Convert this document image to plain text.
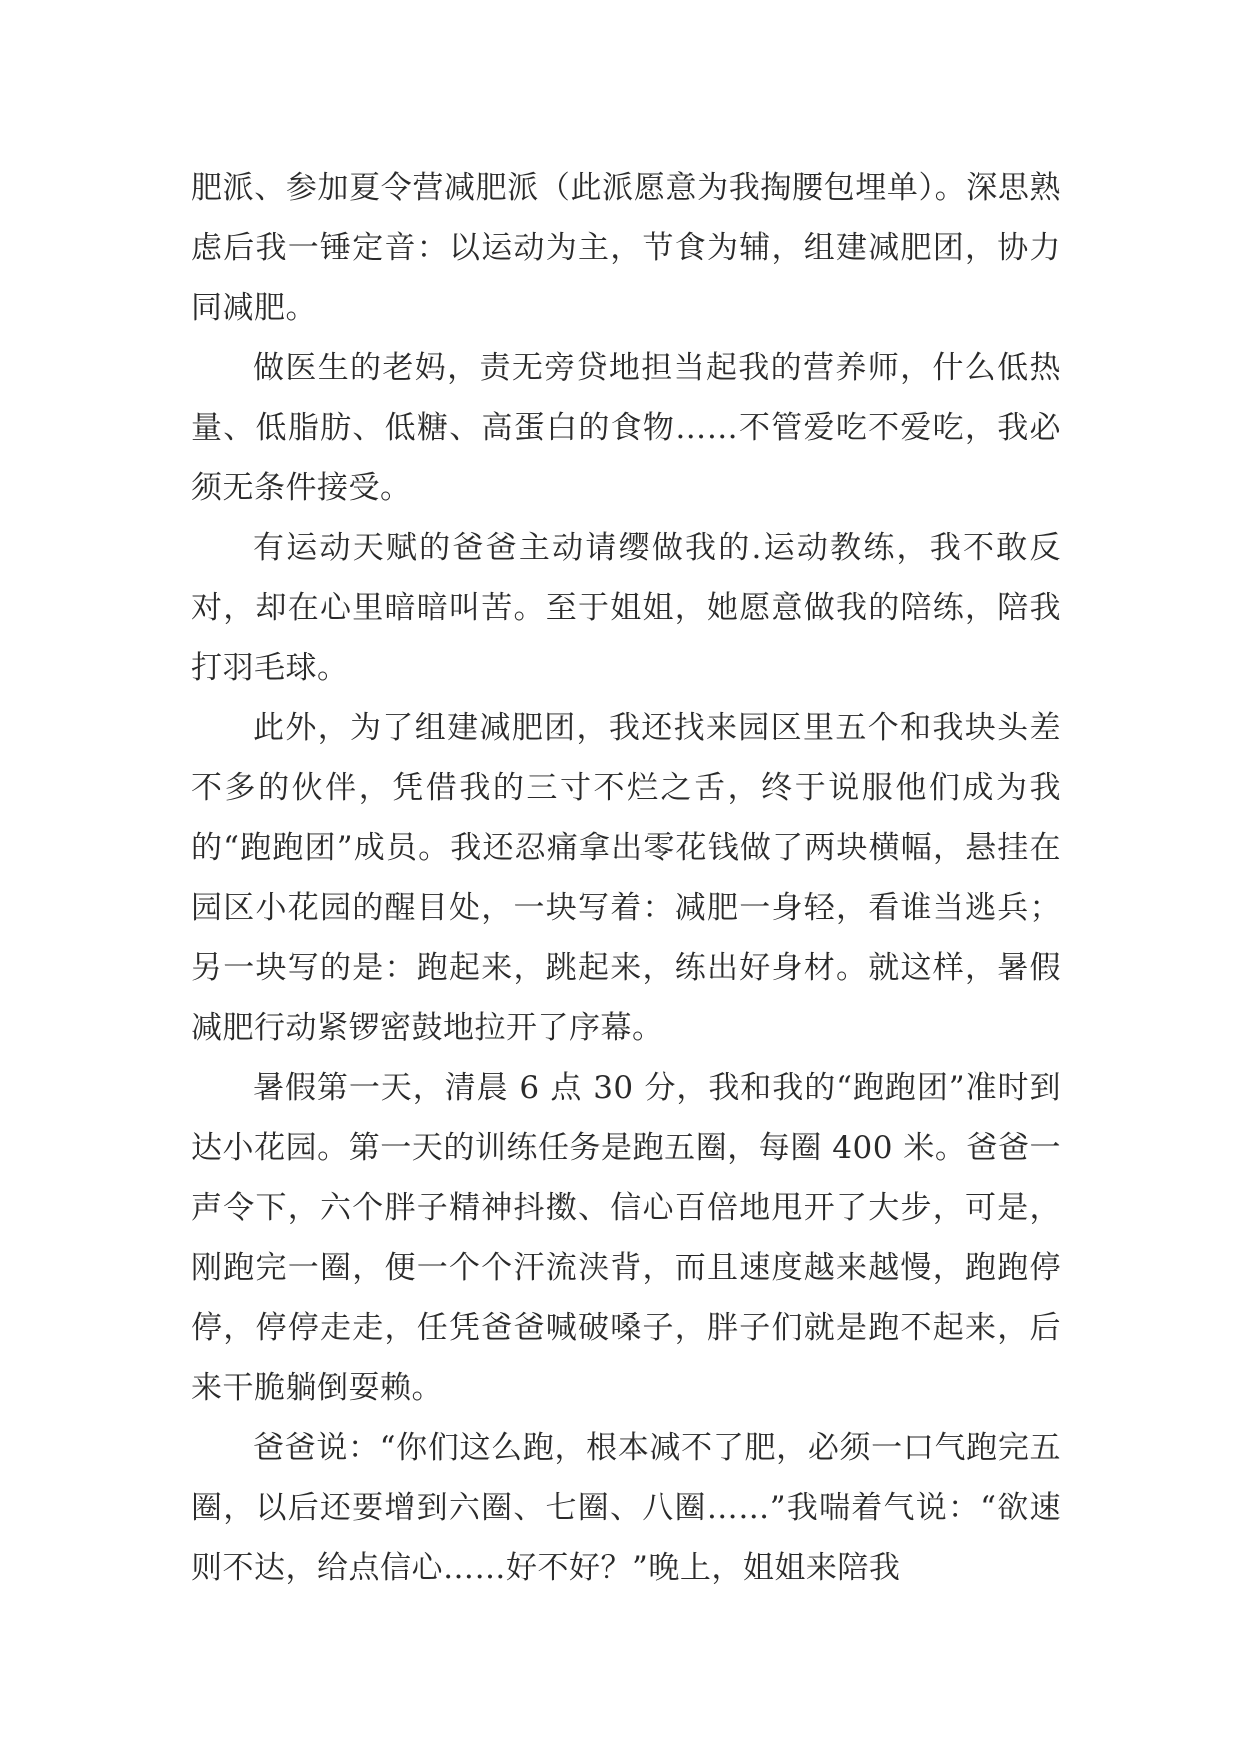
肥派、参加夏令营减肥派（此派愿意为我掏腰包埋单）。深思熟虑后我一锤定音：以运动为主，节食为辅，组建减肥团，协力同减肥。

做医生的老妈，责无旁贷地担当起我的营养师，什么低热量、低脂肪、低糖、高蛋白的食物……不管爱吃不爱吃，我必须无条件接受。

有运动天赋的爸爸主动请缨做我的.运动教练，我不敢反对，却在心里暗暗叫苦。至于姐姐，她愿意做我的陪练，陪我打羽毛球。

此外，为了组建减肥团，我还找来园区里五个和我块头差不多的伙伴，凭借我的三寸不烂之舌，终于说服他们成为我的“跑跑团”成员。我还忍痛拿出零花钱做了两块横幅，悬挂在园区小花园的醒目处，一块写着：减肥一身轻，看谁当逃兵；另一块写的是：跑起来，跳起来，练出好身材。就这样，暑假减肥行动紧锣密鼓地拉开了序幕。

暑假第一天，清晨 6 点 30 分，我和我的“跑跑团”准时到达小花园。第一天的训练任务是跑五圈，每圈 400 米。爸爸一声令下，六个胖子精神抖擞、信心百倍地甩开了大步，可是，刚跑完一圈，便一个个汗流浃背，而且速度越来越慢，跑跑停停，停停走走，任凭爸爸喊破嗓子，胖子们就是跑不起来，后来干脆躺倒耍赖。

爸爸说：“你们这么跑，根本减不了肥，必须一口气跑完五圈，以后还要增到六圈、七圈、八圈……”我喘着气说：“欲速则不达，给点信心……好不好？”晚上，姐姐来陪我
